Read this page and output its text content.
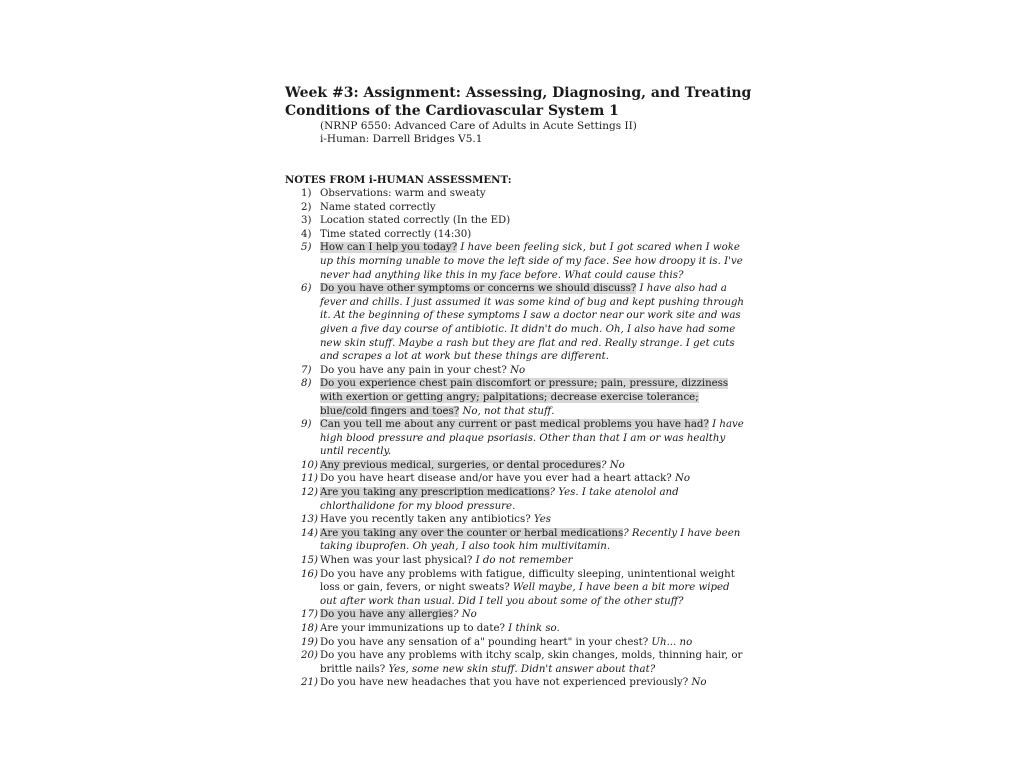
Week #3: Assignment: Assessing, Diagnosing, and Treating
Conditions of the Cardiovascular System 1
(NRNP 6550: Advanced Care of Adults in Acute Settings II)
i-Human: Darrell Bridges V5.1
NOTES FROM i-HUMAN ASSESSMENT:
1) Observations: warm and sweaty
2) Name stated correctly
3) Location stated correctly (In the ED)
4) Time stated correctly (14:30)
5) How can I help you today? I have been feeling sick, but I got scared when I woke up this morning unable to move the left side of my face. See how droopy it is. I've never had anything like this in my face before. What could cause this?
6) Do you have other symptoms or concerns we should discuss? I have also had a fever and chills. I just assumed it was some kind of bug and kept pushing through it. At the beginning of these symptoms I saw a doctor near our work site and was given a five day course of antibiotic. It didn't do much. Oh, I also have had some new skin stuff. Maybe a rash but they are flat and red. Really strange. I get cuts and scrapes a lot at work but these things are different.
7) Do you have any pain in your chest? No
8) Do you experience chest pain discomfort or pressure; pain, pressure, dizziness with exertion or getting angry; palpitations; decrease exercise tolerance; blue/cold fingers and toes? No, not that stuff.
9) Can you tell me about any current or past medical problems you have had? I have high blood pressure and plaque psoriasis. Other than that I am or was healthy until recently.
10) Any previous medical, surgeries, or dental procedures? No
11) Do you have heart disease and/or have you ever had a heart attack? No
12) Are you taking any prescription medications? Yes. I take atenolol and chlorthalidone for my blood pressure.
13) Have you recently taken any antibiotics? Yes
14) Are you taking any over the counter or herbal medications? Recently I have been taking ibuprofen. Oh yeah, I also took him multivitamin.
15) When was your last physical? I do not remember
16) Do you have any problems with fatigue, difficulty sleeping, unintentional weight loss or gain, fevers, or night sweats? Well maybe, I have been a bit more wiped out after work than usual. Did I tell you about some of the other stuff?
17) Do you have any allergies? No
18) Are your immunizations up to date? I think so.
19) Do you have any sensation of a" pounding heart" in your chest? Uh... no
20) Do you have any problems with itchy scalp, skin changes, molds, thinning hair, or brittle nails? Yes, some new skin stuff. Didn't answer about that?
21) Do you have new headaches that you have not experienced previously? No
